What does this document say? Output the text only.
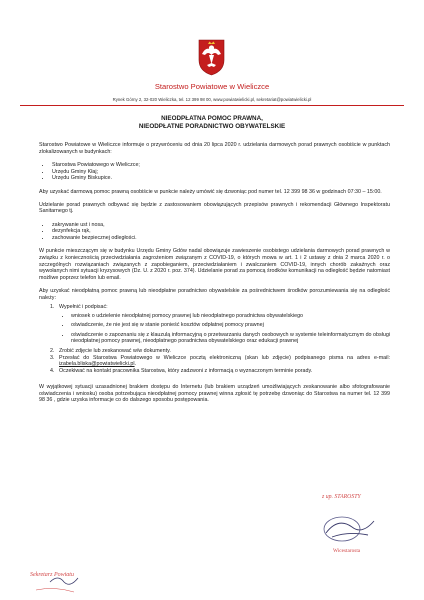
Starostwo Powiatowe w Wieliczce
Rynek Górny 2, 32-020 Wieliczka, tel. 12 399 98 00, www.powiatwielicki.pl, sekretariat@powiatwielicki.pl
NIEODPŁATNA POMOC PRAWNA,
NIEODPŁATNE PORADNICTWO OBYWATELSKIE

Starostwo Powiatowe w Wieliczce informuje o przywróceniu od dnia 20 lipca 2020 r. udzielania darmowych porad prawnych osobiście w punktach zlokalizowanych w budynkach:

• Starostwa Powiatowego w Wieliczce;
• Urzędu Gminy Kłaj;
• Urzędu Gminy Biskupice.

Aby uzyskać darmową pomoc prawną osobiście w punkcie należy umówić się dzwoniąc pod numer tel. 12 399 98 36 w godzinach 07:30 – 15:00.

Udzielanie porad prawnych odbywać się będzie z zastosowaniem obowiązujących przepisów prawnych i rekomendacji Głównego Inspektoratu Sanitarnego tj.

• zakrywanie ust i nosa,
• dezynfekcja rąk,
• zachowanie bezpiecznej odległości.

W punkcie mieszczącym się w budynku Urzędu Gminy Gdów nadal obowiązuje zawieszenie osobistego udzielania darmowych porad prawnych w związku z koniecznością przeciwdziałania zagrożeniom związanym z COVID-19, o których mowa w art. 1 i 2 ustawy z dnia 2 marca 2020 r. o szczególnych rozwiązaniach związanych z zapobieganiem, przeciwdziałaniem i zwalczaniem COVID-19, innych chorób zakaźnych oraz wywołanych nimi sytuacji kryzysowych (Dz. U. z 2020 r. poz. 374). Udzielanie porad za pomocą środków komunikacji na odległość będzie natomiast możliwe poprzez telefon lub email.

Aby uzyskać nieodpłatną pomoc prawną lub nieodpłatne poradnictwo obywatelskie za pośrednictwem środków porozumiewania się na odległość należy:

1. Wypełnić i podpisać:
• wniosek o udzielenie nieodpłatnej pomocy prawnej lub nieodpłatnego poradnictwa obywatelskiego
• oświadczenie, że nie jest się w stanie ponieść kosztów odpłatnej pomocy prawnej
• oświadczenie o zapoznaniu się z klauzulą informacyjną o przetwarzaniu danych osobowych w systemie teleinformatycznym do obsługi nieodpłatnej pomocy prawnej, nieodpłatnego poradnictwa obywatelskiego oraz edukacji prawnej
2. Zrobić zdjęcie lub zeskanować w/w dokumenty.
3. Przesłać do Starostwa Powiatowego w Wieliczce pocztą elektroniczną (skan lub zdjęcie) podpisanego pisma na adres e-mail: izabela.bliska@powiatwielicki.pl.
4. Oczekiwać na kontakt pracownika Starostwa, który zadzwoni z informacją o wyznaczonym terminie porady.

W wyjątkowej sytuacji uzasadnionej brakiem dostępu do Internetu (lub brakiem urządzeń umożliwiających zeskanowanie albo sfotografowanie oświadczenia i wniosku) osoba potrzebująca nieodpłatnej pomocy prawnej winna zgłosić tę potrzebę dzwoniąc do Starostwa na numer tel. 12 399 98 36 , gdzie uzyska informacje co do dalszego sposobu postępowania.

z up. STAROSTY
Wicestarosta
Sekretarz Powiatu
